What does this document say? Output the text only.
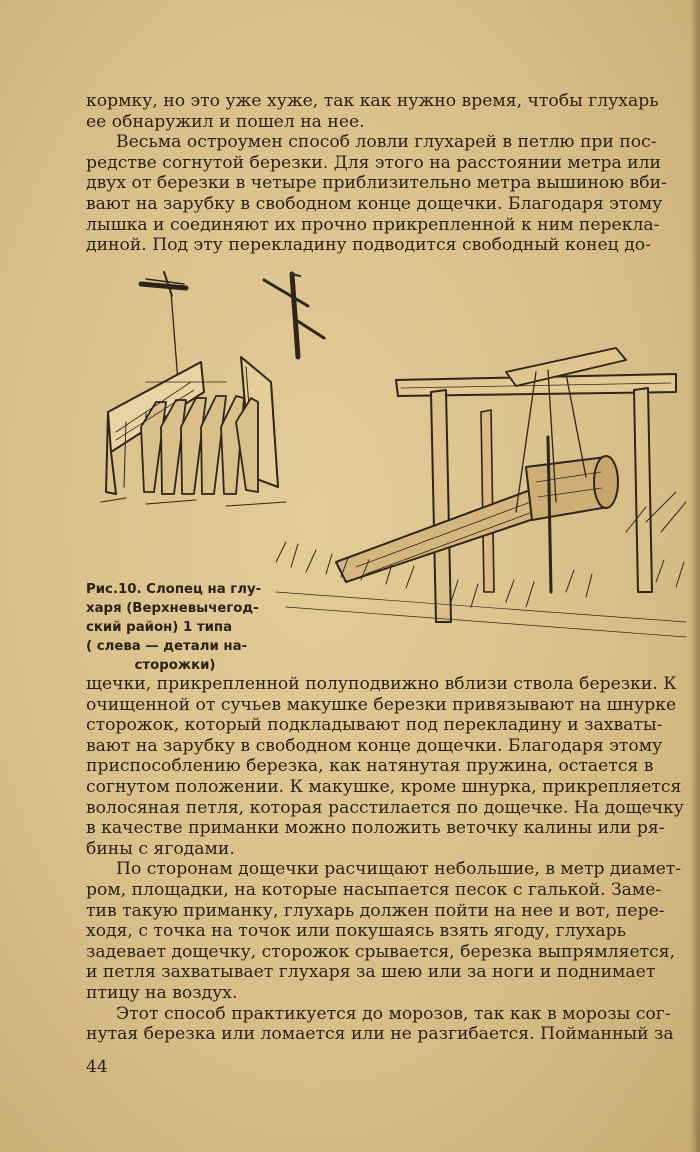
кормку, но это уже хуже, так как нужно время, чтобы глухарь
ее обнаружил и пошел на нее.
Весьма остроумен способ ловли глухарей в петлю при пос-
редстве согнутой березки. Для этого на расстоянии метра или
двух от березки в четыре приблизительно метра вышиною вби-
вают на зарубку в свободном конце дощечки. Благодаря этому
лышка и соединяют их прочно прикрепленной к ним перекла-
диной. Под эту перекладину подводится свободный конец до-
Рис.10. Слопец на глу-
харя (Верхневычегод-
ский район) 1 типа
( слева — детали на-
сторожки)
щечки, прикрепленной полуподвижно вблизи ствола березки. К
очищенной от сучьев макушке березки привязывают на шнурке
сторожок, который подкладывают под перекладину и захваты-
вают на зарубку в свободном конце дощечки. Благодаря этому
приспособлению березка, как натянутая пружина, остается в
согнутом положении. К макушке, кроме шнурка, прикрепляется
волосяная петля, которая расстилается по дощечке. На дощечку
в качестве приманки можно положить веточку калины или ря-
бины с ягодами.
По сторонам дощечки расчищают небольшие, в метр диамет-
ром, площадки, на которые насыпается песок с галькой. Заме-
тив такую приманку, глухарь должен пойти на нее и вот, пере-
ходя, с точка на точок или покушаясь взять ягоду, глухарь
задевает дощечку, сторожок срывается, березка выпрямляется,
и петля захватывает глухаря за шею или за ноги и поднимает
птицу на воздух.
Этот способ практикуется до морозов, так как в морозы сог-
нутая березка или ломается или не разгибается. Пойманный за
44
